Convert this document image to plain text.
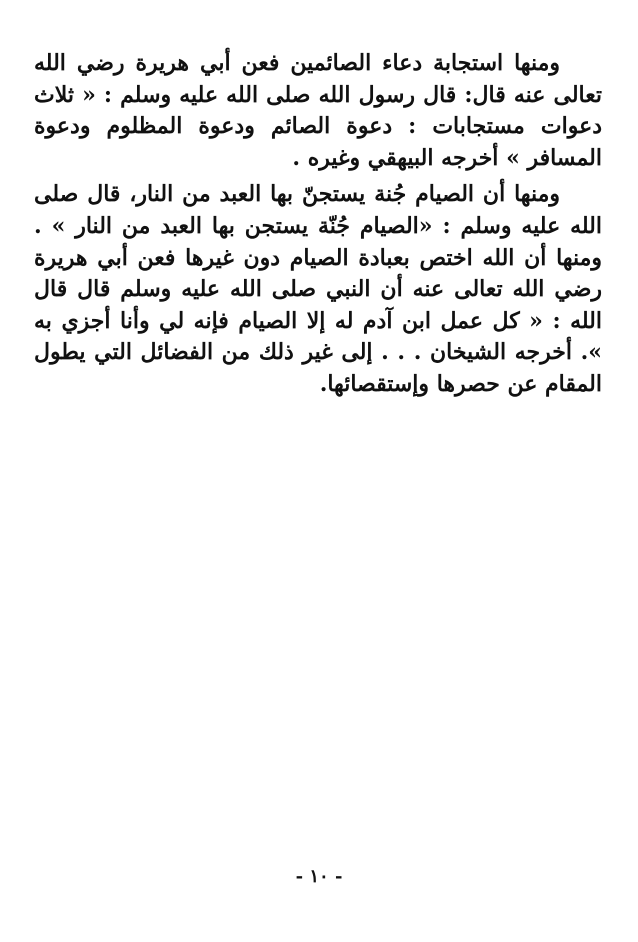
ومنها استجابة دعاء الصائمين فعن أبي هريرة رضي الله تعالى عنه قال: قال رسول الله صلى الله عليه وسلم : « ثلاث دعوات مستجابات : دعوة الصائم ودعوة المظلوم ودعوة المسافر » أخرجه البيهقي وغيره .

ومنها أن الصيام جُنة يستجنّ بها العبد من النار، قال صلى الله عليه وسلم : «الصيام جُنّة يستجن بها العبد من النار » . ومنها أن الله اختص بعبادة الصيام دون غيرها فعن أبي هريرة رضي الله تعالى عنه أن النبي صلى الله عليه وسلم قال قال الله : « كل عمل ابن آدم له إلا الصيام فإنه لي وأنا أجزي به ». أخرجه الشيخان . . . إلى غير ذلك من الفضائل التي يطول المقام عن حصرها وإستقصائها.

- ١٠ -
